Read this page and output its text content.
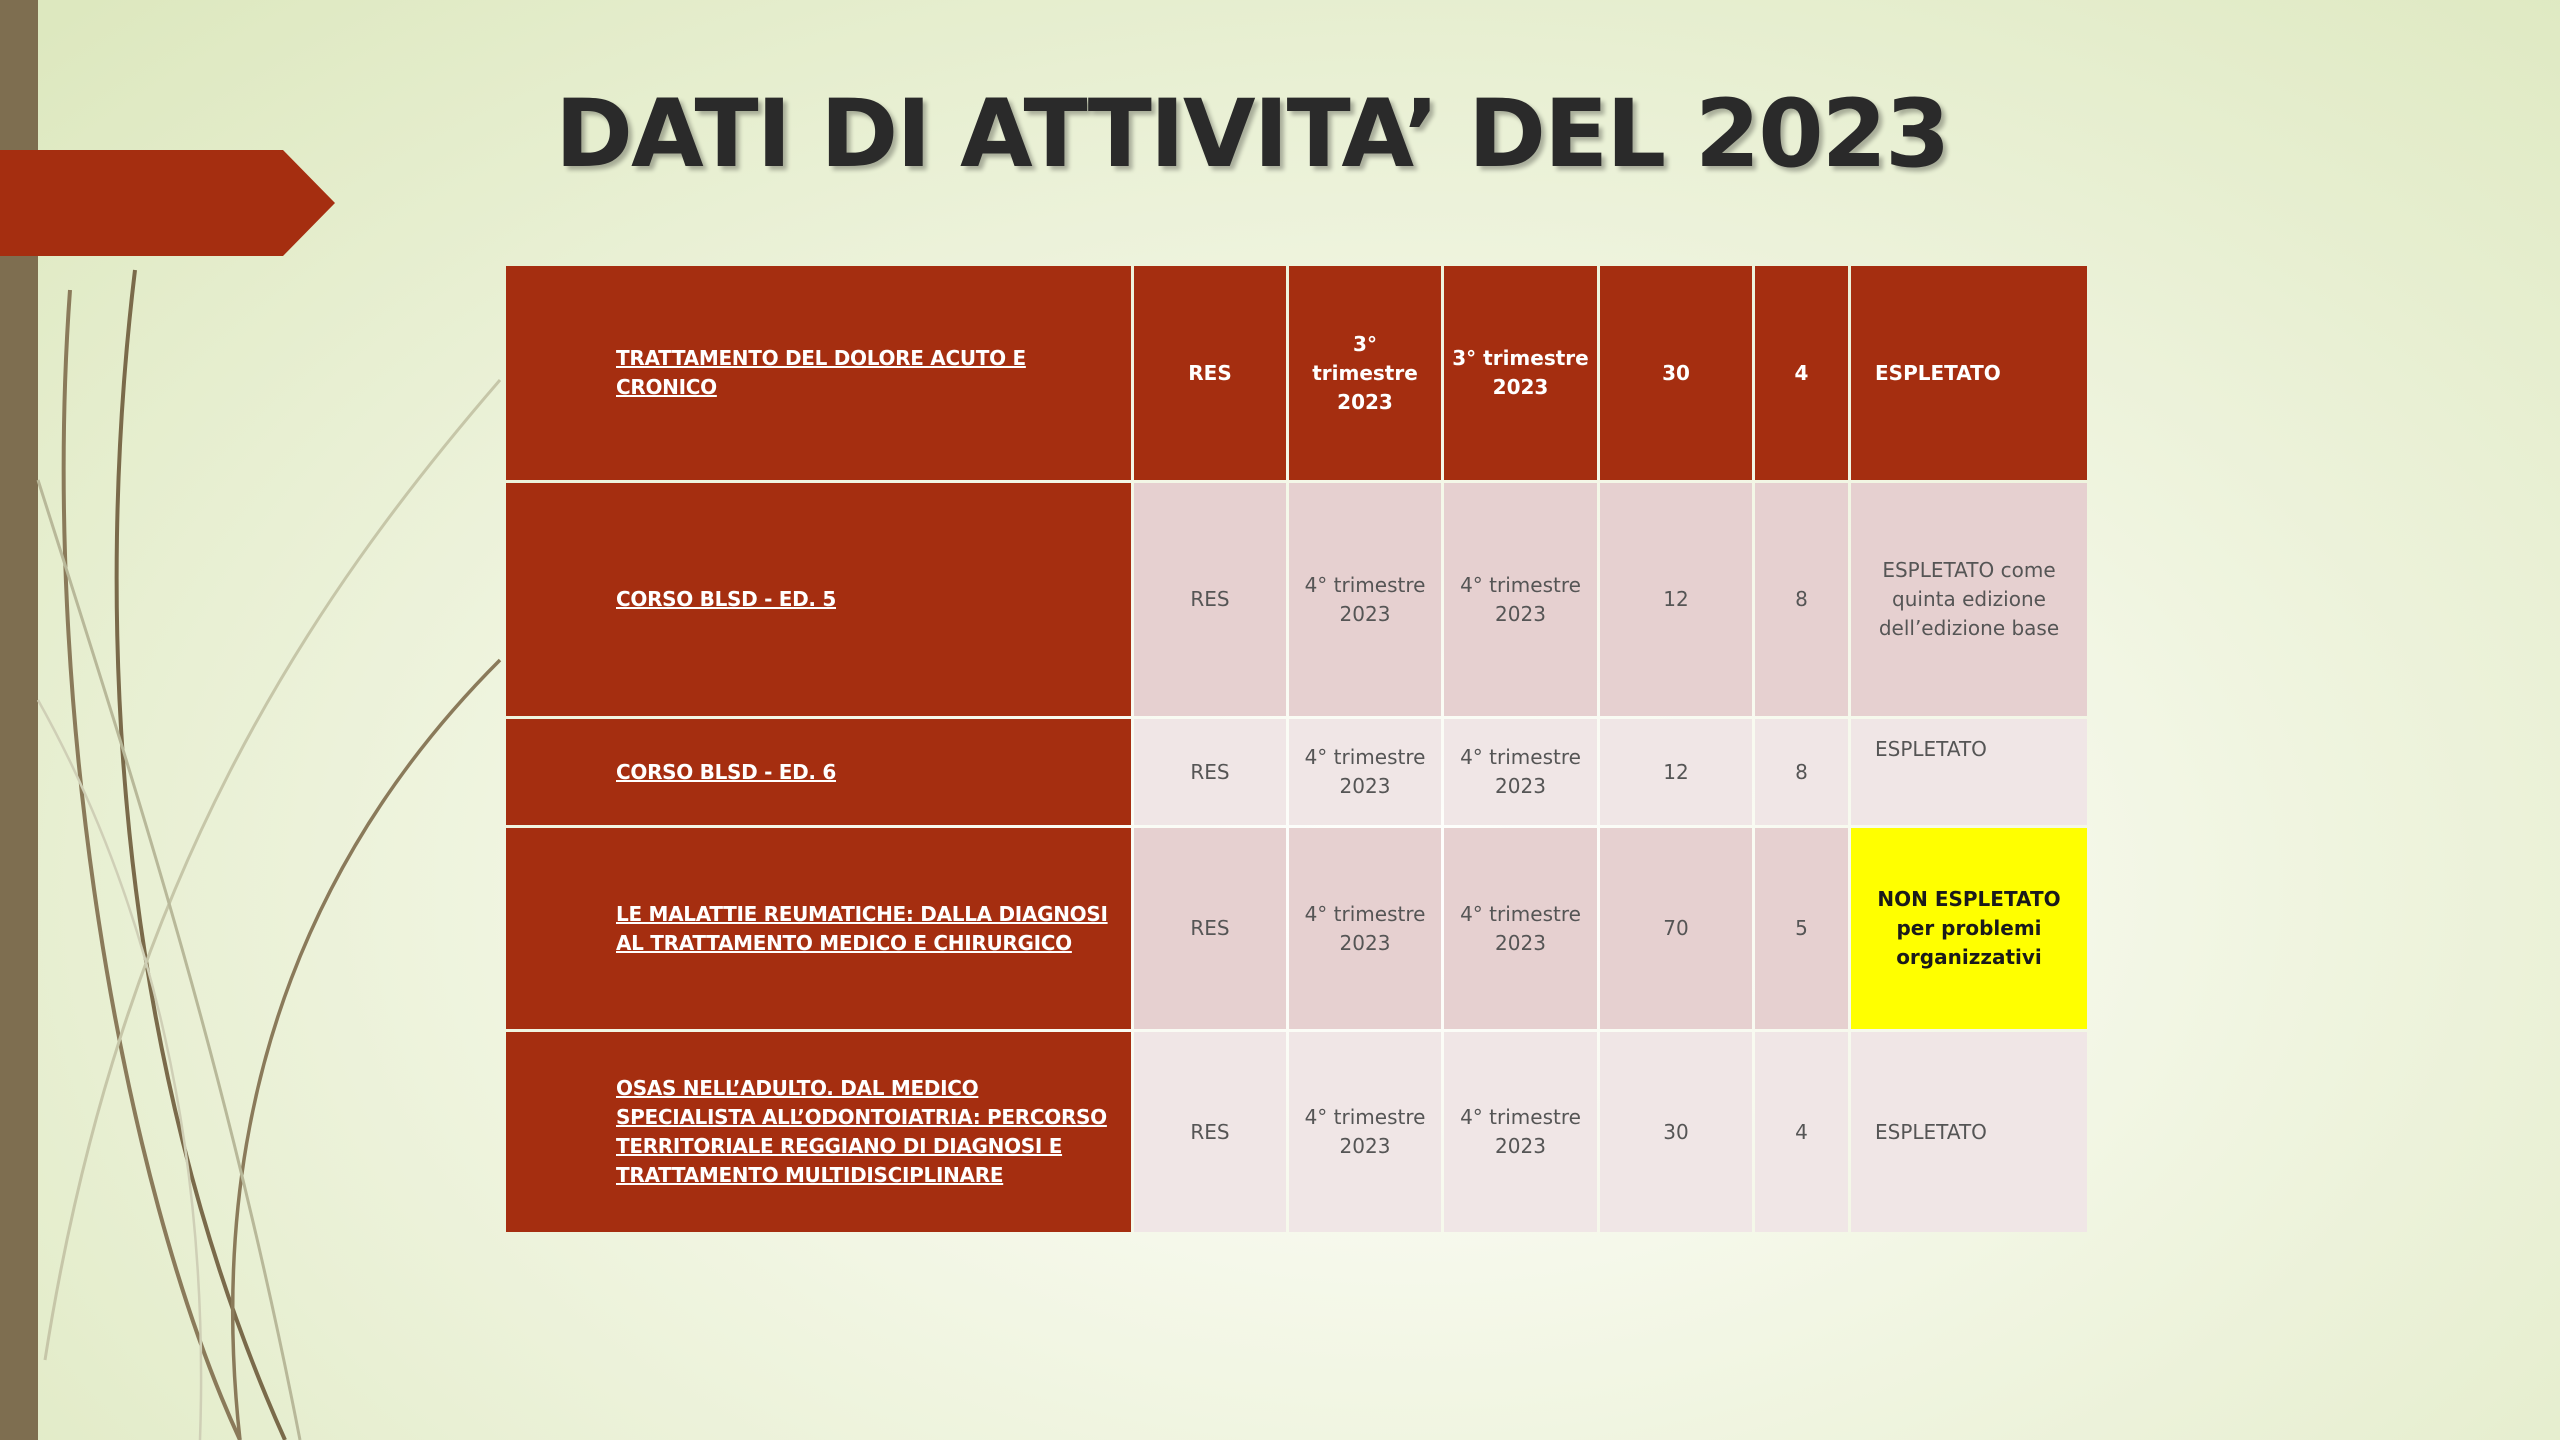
DATI DI ATTIVITA’ DEL 2023
TRATTAMENTO DEL DOLORE ACUTO E CRONICO	RES	3° trimestre 2023	3° trimestre 2023	30	4	ESPLETATO
CORSO BLSD - ED. 5	RES	4° trimestre 2023	4° trimestre 2023	12	8	ESPLETATO come quinta edizione dell’edizione base
CORSO BLSD - ED. 6	RES	4° trimestre 2023	4° trimestre 2023	12	8	ESPLETATO
LE MALATTIE REUMATICHE: DALLA DIAGNOSI AL TRATTAMENTO MEDICO E CHIRURGICO	RES	4° trimestre 2023	4° trimestre 2023	70	5	NON ESPLETATO per problemi organizzativi
OSAS NELL’ADULTO. DAL MEDICO SPECIALISTA ALL’ODONTOIATRIA: PERCORSO TERRITORIALE REGGIANO DI DIAGNOSI E TRATTAMENTO MULTIDISCIPLINARE	RES	4° trimestre 2023	4° trimestre 2023	30	4	ESPLETATO
